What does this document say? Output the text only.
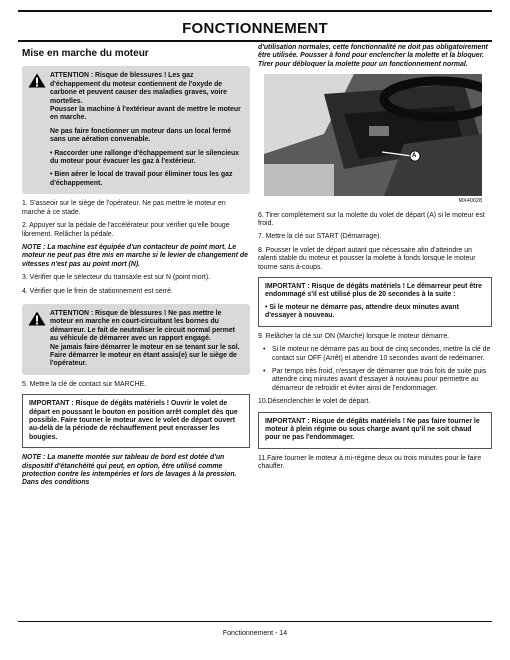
FONCTIONNEMENT
Mise en marche du moteur

ATTENTION : Risque de blessures ! Les gaz d'échappement du moteur contiennent de l'oxyde de carbone et peuvent causer des maladies graves, voire mortelles.

Pousser la machine à l'extérieur avant de mettre le moteur en marche.

Ne pas faire fonctionner un moteur dans un local fermé sans une aération convenable.

• Raccorder une rallonge d'échappement sur le silencieux du moteur pour évacuer les gaz à l'extérieur.

• Bien aérer le local de travail pour éliminer tous les gaz d'échappement.

1. S'asseoir sur le siège de l'opérateur. Ne pas mettre le moteur en marche à ce stade.

2. Appuyer sur la pédale de l'accélérateur pour vérifier qu'elle bouge librement. Relâcher la pédale.

NOTE : La machine est équipée d'un contacteur de point mort. Le moteur ne peut pas être mis en marche si le levier de changement de vitesses n'est pas au point mort (N).

3. Vérifier que le sélecteur du transaxle est sur N (point mort).

4. Vérifier que le frein de stationnement est serré.

ATTENTION : Risque de blessures ! Ne pas mettre le moteur en marche en court-circuitant les bornes du démarreur. Le fait de neutraliser le circuit normal permet au véhicule de démarrer avec un rapport engagé.

Ne jamais faire démarrer le moteur en se tenant sur le sol. Faire démarrer le moteur en étant assis(e) sur le siège de l'opérateur.

5. Mettre la clé de contact sur MARCHE.

IMPORTANT : Risque de dégâts matériels ! Ouvrir le volet de départ en poussant le bouton en position arrêt complet dès que possible. Faire tourner le moteur avec le volet de départ ouvert au-delà de la période de réchauffement peut encrasser les bougies.

NOTE : La manette montée sur tableau de bord est dotée d'un dispositif d'étanchéité qui peut, en option, être utilisé comme protection contre les intempéries et lors de lavages à la pression. Dans des conditions

d'utilisation normales, cette fonctionnalité ne doit pas obligatoirement être utilisée. Pousser à fond pour enclencher la molette et la bloquer. Tirer pour débloquer la molette pour un fonctionnement normal.

A
MX40028

6. Tirer complètement sur la molette du volet de départ (A) si le moteur est froid.

7. Mettre la clé sur START (Démarrage).

8. Pousser le volet de départ autant que nécessaire afin d'atteindre un ralenti stable du moteur et pousser la molette à fonds lorsque le moteur tourne sans à-coups.

IMPORTANT : Risque de dégâts matériels ! Le démarreur peut être endommagé s'il est utilisé plus de 20 secondes à la suite :

• Si le moteur ne démarre pas, attendre deux minutes avant d'essayer à nouveau.

9. Relâcher la clé sur ON (Marche) lorsque le moteur démarre.

• Si le moteur ne démarre pas au bout de cinq secondes, mettre la clé de contact sur OFF (Arrêt) et attendre 10 secondes avant de redémarrer.

• Par temps très froid, n'essayer de démarrer que trois fois de suite puis attendre cinq minutes avant d'essayer à nouveau pour permettre au démarreur de refroidir et éviter ainsi de l'endommager.

10.Désenclencher le volet de départ.

IMPORTANT : Risque de dégâts matériels ! Ne pas faire tourner le moteur à plein régime ou sous charge avant qu'il ne soit chaud pour ne pas l'endommager.

11.Faire tourner le moteur à mi-régime deux ou trois minutes pour le faire chauffer.

Fonctionnement - 14
